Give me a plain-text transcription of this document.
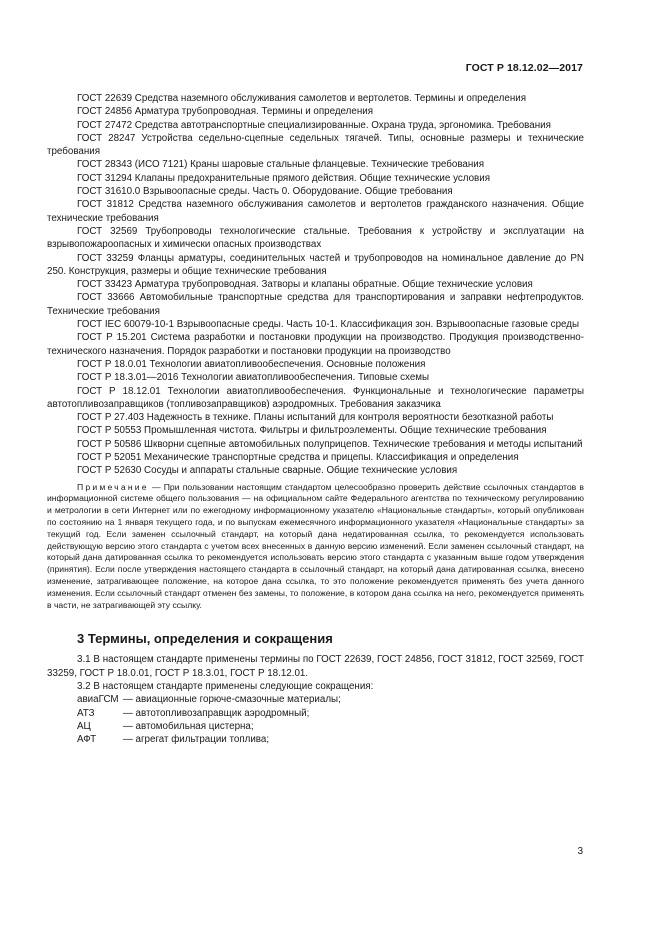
ГОСТ Р 18.12.02—2017

ГОСТ 22639 Средства наземного обслуживания самолетов и вертолетов. Термины и определения

ГОСТ 24856 Арматура трубопроводная. Термины и определения

ГОСТ 27472 Средства автотранспортные специализированные. Охрана труда, эргономика. Требования

ГОСТ 28247 Устройства седельно-сцепные седельных тягачей. Типы, основные размеры и технические требования

ГОСТ 28343 (ИСО 7121) Краны шаровые стальные фланцевые. Технические требования

ГОСТ 31294 Клапаны предохранительные прямого действия. Общие технические условия

ГОСТ 31610.0 Взрывоопасные среды. Часть 0. Оборудование. Общие требования

ГОСТ 31812 Средства наземного обслуживания самолетов и вертолетов гражданского назначения. Общие технические требования

ГОСТ 32569 Трубопроводы технологические стальные. Требования к устройству и эксплуатации на взрывопожароопасных и химически опасных производствах

ГОСТ 33259 Фланцы арматуры, соединительных частей и трубопроводов на номинальное давление до PN 250. Конструкция, размеры и общие технические требования

ГОСТ 33423 Арматура трубопроводная. Затворы и клапаны обратные. Общие технические условия

ГОСТ 33666 Автомобильные транспортные средства для транспортирования и заправки нефтепродуктов. Технические требования

ГОСТ IEC 60079-10-1 Взрывоопасные среды. Часть 10-1. Классификация зон. Взрывоопасные газовые среды

ГОСТ Р 15.201 Система разработки и постановки продукции на производство. Продукция производственно-технического назначения. Порядок разработки и постановки продукции на производство

ГОСТ Р 18.0.01 Технологии авиатопливообеспечения. Основные положения

ГОСТ Р 18.3.01—2016 Технологии авиатопливообеспечения. Типовые схемы

ГОСТ Р 18.12.01 Технологии авиатопливообеспечения. Функциональные и технологические параметры автотопливозаправщиков (топливозаправщиков) аэродромных. Требования заказчика

ГОСТ Р 27.403 Надежность в технике. Планы испытаний для контроля вероятности безотказной работы

ГОСТ Р 50553 Промышленная чистота. Фильтры и фильтроэлементы. Общие технические требования

ГОСТ Р 50586 Шкворни сцепные автомобильных полуприцепов. Технические требования и методы испытаний

ГОСТ Р 52051 Механические транспортные средства и прицепы. Классификация и определения

ГОСТ Р 52630 Сосуды и аппараты стальные сварные. Общие технические условия

Примечание — При пользовании настоящим стандартом целесообразно проверить действие ссылочных стандартов в информационной системе общего пользования — на официальном сайте Федерального агентства по техническому регулированию и метрологии в сети Интернет или по ежегодному информационному указателю «Национальные стандарты», который опубликован по состоянию на 1 января текущего года, и по выпускам ежемесячного информационного указателя «Национальные стандарты» за текущий год. Если заменен ссылочный стандарт, на который дана недатированная ссылка, то рекомендуется использовать действующую версию этого стандарта с учетом всех внесенных в данную версию изменений. Если заменен ссылочный стандарт, на который дана датированная ссылка то рекомендуется использовать версию этого стандарта с указанным выше годом утверждения (принятия). Если после утверждения настоящего стандарта в ссылочный стандарт, на который дана датированная ссылка, внесено изменение, затрагивающее положение, на которое дана ссылка, то это положение рекомендуется применять без учета данного изменения. Если ссылочный стандарт отменен без замены, то положение, в котором дана ссылка на него, рекомендуется применять в части, не затрагивающей эту ссылку.

3 Термины, определения и сокращения

3.1 В настоящем стандарте применены термины по ГОСТ 22639, ГОСТ 24856, ГОСТ 31812, ГОСТ 32569, ГОСТ 33259, ГОСТ Р 18.0.01, ГОСТ Р 18.3.01, ГОСТ Р 18.12.01.

3.2 В настоящем стандарте применены следующие сокращения:

авиаГСМ — авиационные горюче-смазочные материалы;
АТЗ	— автотопливозаправщик аэродромный;
АЦ	— автомобильная цистерна;
АФТ	— агрегат фильтрации топлива;
3
